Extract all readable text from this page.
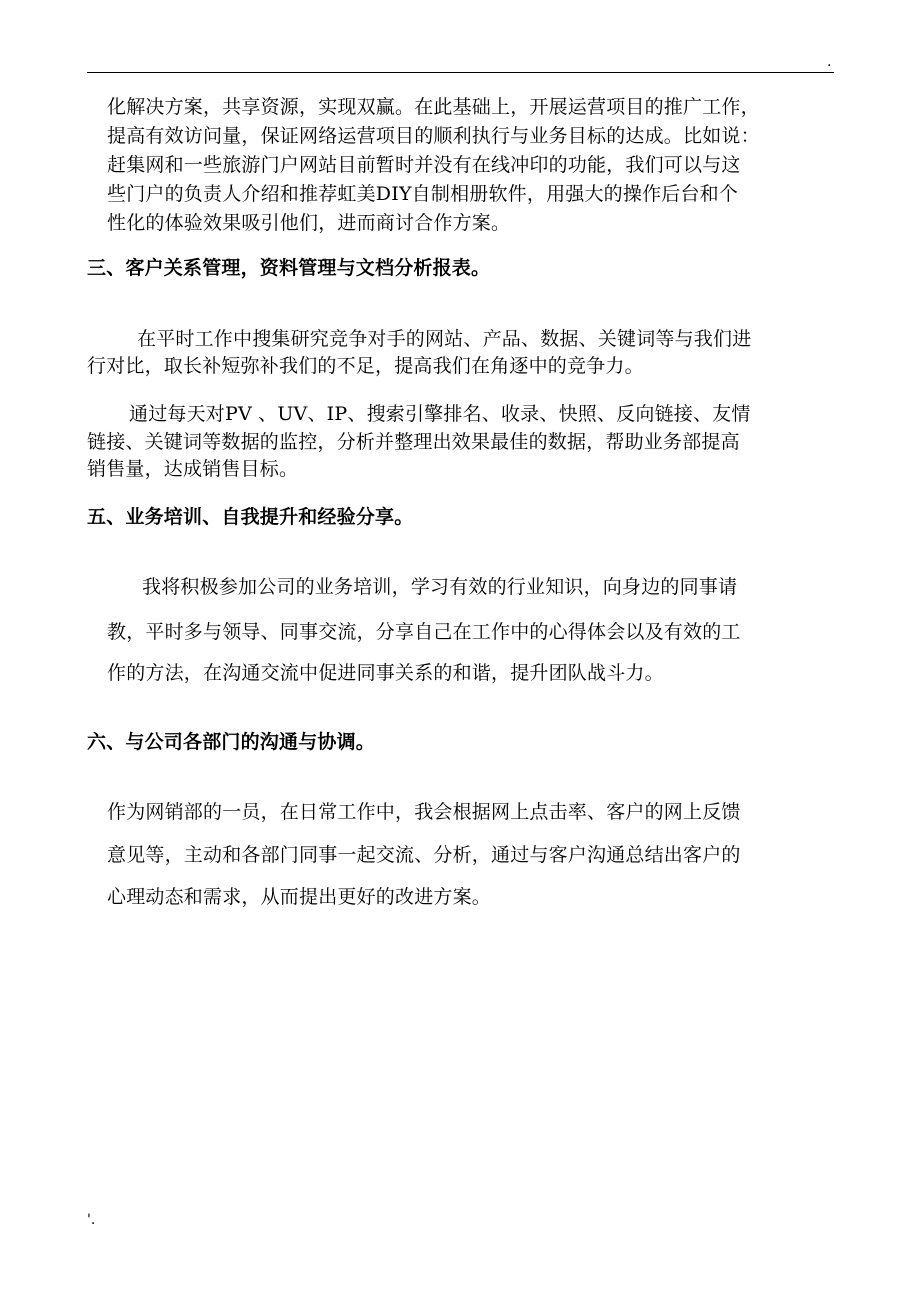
.
化解决方案，共享资源，实现双赢。在此基础上，开展运营项目的推广工作，
提高有效访问量，保证网络运营项目的顺利执行与业务目标的达成。比如说：
赶集网和一些旅游门户网站目前暂时并没有在线冲印的功能，我们可以与这
些门户的负责人介绍和推荐虹美DIY自制相册软件，用强大的操作后台和个
性化的体验效果吸引他们，进而商讨合作方案。
三、客户关系管理，资料管理与文档分析报表。
在平时工作中搜集研究竞争对手的网站、产品、数据、关键词等与我们进
行对比，取长补短弥补我们的不足，提高我们在角逐中的竞争力。
通过每天对PV 、UV、IP、搜索引擎排名、收录、快照、反向链接、友情
链接、关键词等数据的监控，分析并整理出效果最佳的数据，帮助业务部提高
销售量，达成销售目标。
五、业务培训、自我提升和经验分享。
我将积极参加公司的业务培训，学习有效的行业知识，向身边的同事请
教，平时多与领导、同事交流，分享自己在工作中的心得体会以及有效的工
作的方法，在沟通交流中促进同事关系的和谐，提升团队战斗力。
六、与公司各部门的沟通与协调。
作为网销部的一员，在日常工作中，我会根据网上点击率、客户的网上反馈
意见等，主动和各部门同事一起交流、分析，通过与客户沟通总结出客户的
心理动态和需求，从而提出更好的改进方案。
'.
